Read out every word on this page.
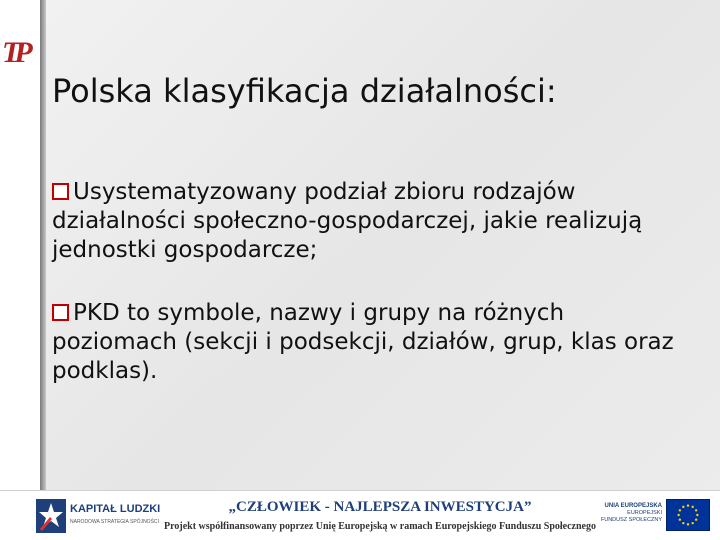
TP
Polska klasyfikacja działalności:
Usystematyzowany podział zbioru rodzajów działalności społeczno-gospodarczej, jakie realizują jednostki gospodarcze;
PKD to symbole, nazwy i grupy na różnych poziomach (sekcji i podsekcji, działów, grup, klas oraz podklas).
KAPITAŁ LUDZKI
NARODOWA STRATEGIA SPÓJNOŚCI
„CZŁOWIEK - NAJLEPSZA INWESTYCJA”
Projekt współfinansowany poprzez Unię Europejską w ramach Europejskiego Funduszu Społecznego
UNIA EUROPEJSKA
EUROPEJSKI
FUNDUSZ SPOŁECZNY
